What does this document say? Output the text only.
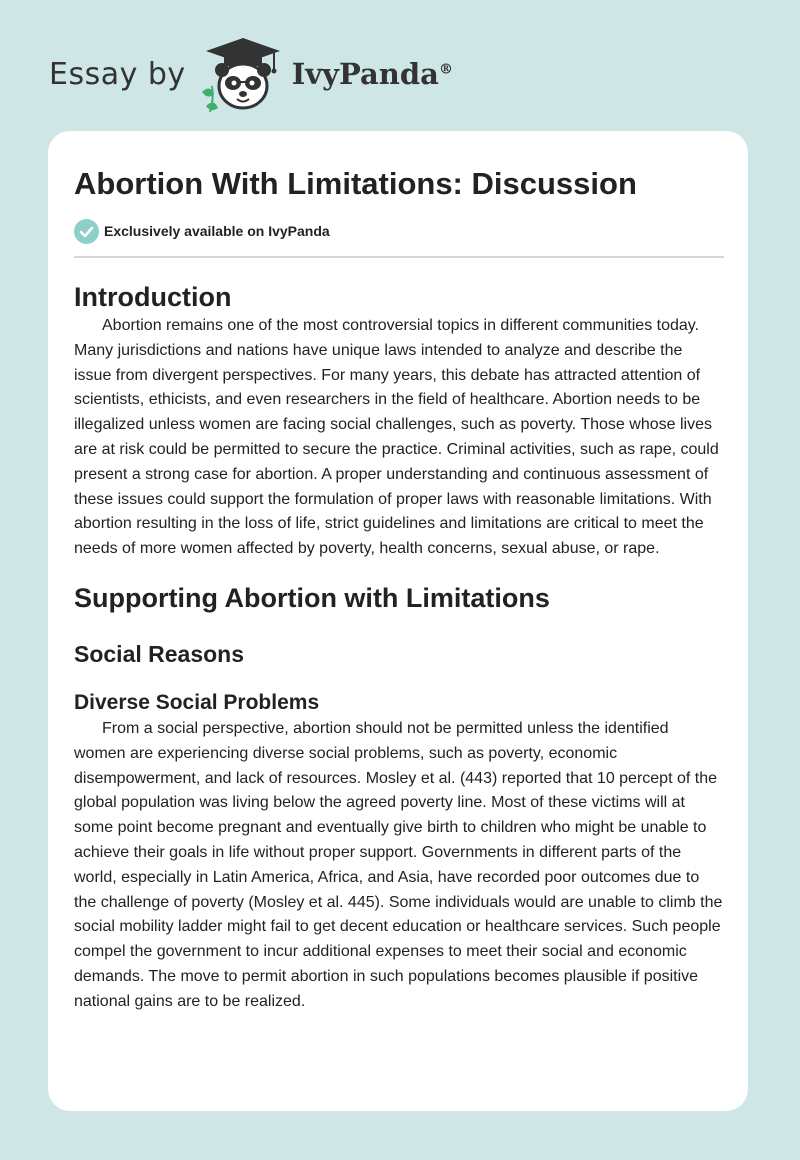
Essay by	IvyPanda®
Abortion With Limitations: Discussion
Exclusively available on IvyPanda
Introduction

Abortion remains one of the most controversial topics in different communities today. Many jurisdictions and nations have unique laws intended to analyze and describe the issue from divergent perspectives. For many years, this debate has attracted attention of scientists, ethicists, and even researchers in the field of healthcare. Abortion needs to be illegalized unless women are facing social challenges, such as poverty. Those whose lives are at risk could be permitted to secure the practice. Criminal activities, such as rape, could present a strong case for abortion. A proper understanding and continuous assessment of these issues could support the formulation of proper laws with reasonable limitations. With abortion resulting in the loss of life, strict guidelines and limitations are critical to meet the needs of more women affected by poverty, health concerns, sexual abuse, or rape.

Supporting Abortion with Limitations
Social Reasons
Diverse Social Problems

From a social perspective, abortion should not be permitted unless the identified women are experiencing diverse social problems, such as poverty, economic disempowerment, and lack of resources. Mosley et al. (443) reported that 10 percept of the global population was living below the agreed poverty line. Most of these victims will at some point become pregnant and eventually give birth to children who might be unable to achieve their goals in life without proper support. Governments in different parts of the world, especially in Latin America, Africa, and Asia, have recorded poor outcomes due to the challenge of poverty (Mosley et al. 445). Some individuals would are unable to climb the social mobility ladder might fail to get decent education or healthcare services. Such people compel the government to incur additional expenses to meet their social and economic demands. The move to permit abortion in such populations becomes plausible if positive national gains are to be realized.
